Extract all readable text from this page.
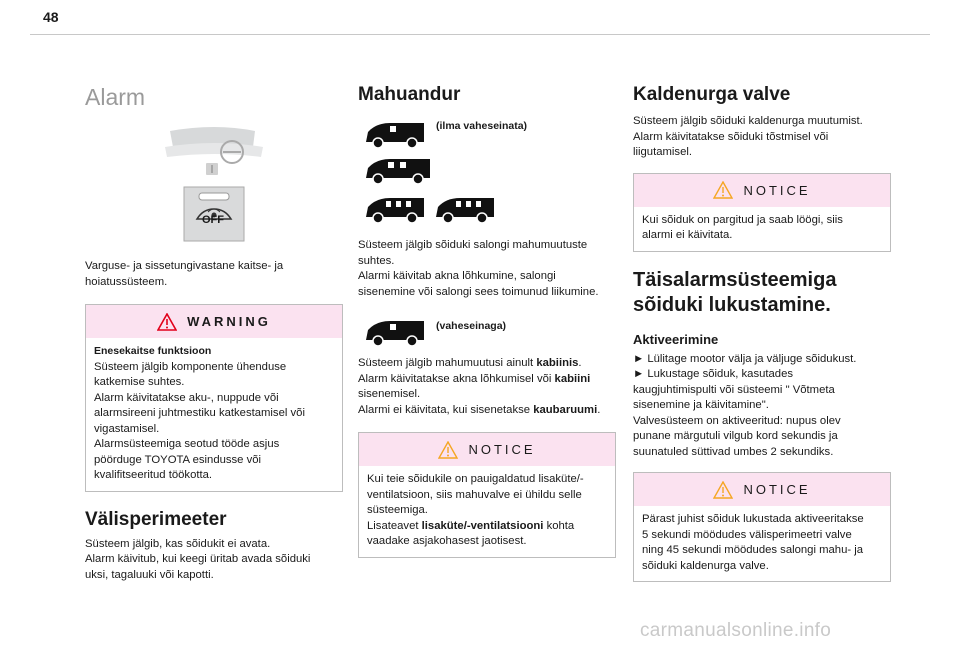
48
Alarm

OFF

Varguse- ja sissetungivastane kaitse- ja

hoiatussüsteem.

WARNING

Enesekaitse funktsioon

Süsteem jälgib komponente ühenduse

katkemise suhtes.

Alarm käivitatakse aku-, nuppude või

alarmsireeni juhtmestiku katkestamisel või

vigastamisel.

Alarmsüsteemiga seotud tööde asjus

pöörduge TOYOTA esindusse või

kvalifitseeritud töökotta.

Välisperimeeter

Süsteem jälgib, kas sõidukit ei avata.

Alarm käivitub, kui keegi üritab avada sõiduki

uksi, tagaluuki või kapotti.

Mahuandur
(ilma vaheseinata)

Süsteem jälgib sõiduki salongi mahumuutuste

suhtes.

Alarmi käivitab akna lõhkumine, salongi

sisenemine või salongi sees toimunud liikumine.

(vaheseinaga)

Süsteem jälgib mahumuutusi ainult kabiinis.

Alarm käivitatakse akna lõhkumisel või kabiini

sisenemisel.

Alarmi ei käivitata, kui sisenetakse kaubaruumi.

NOTICE

Kui teie sõidukile on pauigaldatud lisaküte/-

ventilatsioon, siis mahuvalve ei ühildu selle

süsteemiga.

Lisateavet lisaküte/-ventilatsiooni kohta

vaadake asjakohasest jaotisest.

Kaldenurga valve

Süsteem jälgib sõiduki kaldenurga muutumist.

Alarm käivitatakse sõiduki tõstmisel või

liigutamisel.

NOTICE

Kui sõiduk on pargitud ja saab löögi, siis

alarmi ei käivitata.

Täisalarmsüsteemiga
sõiduki lukustamine.
Aktiveerimine

► Lülitage mootor välja ja väljuge sõidukust.

► Lukustage sõiduk, kasutades

kaugjuhtimispulti või süsteemi " Võtmeta

sisenemine ja käivitamine".

Valvesüsteem on aktiveeritud: nupus olev

punane märgutuli vilgub kord sekundis ja

suunatuled süttivad umbes 2 sekundiks.

NOTICE

Pärast juhist sõiduk lukustada aktiveeritakse

5 sekundi möödudes välisperimeetri valve

ning 45 sekundi möödudes salongi mahu- ja

sõiduki kaldenurga valve.

carmanualsonline.info
